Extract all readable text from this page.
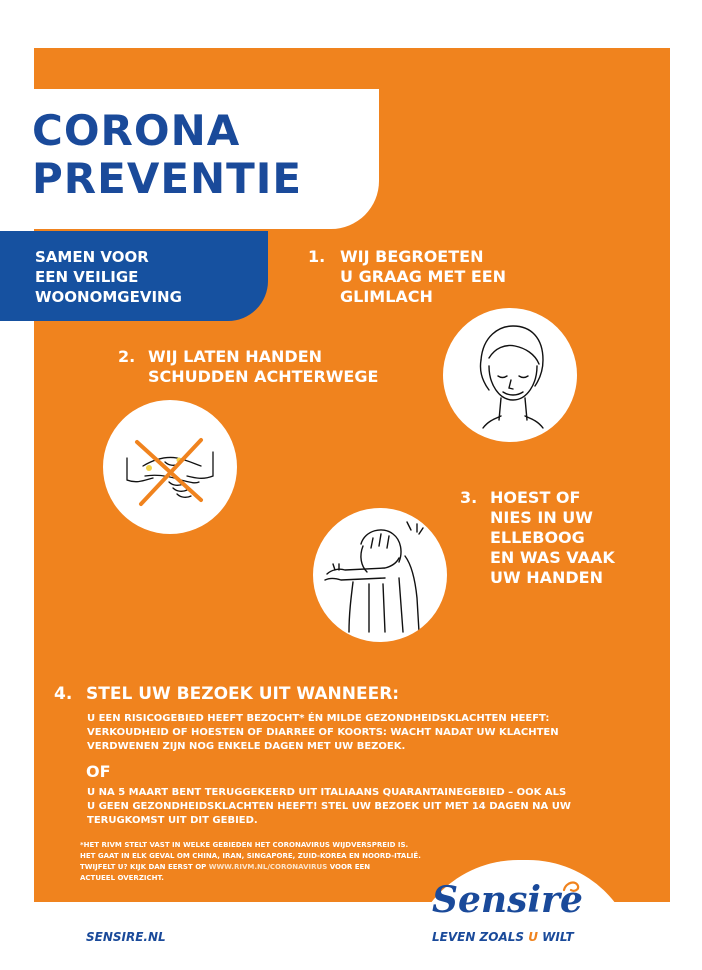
CORONA
PREVENTIE
SAMEN VOOR
EEN VEILIGE
WOONOMGEVING
1. WIJ BEGROETEN
U GRAAG MET EEN
GLIMLACH
2. WIJ LATEN HANDEN
SCHUDDEN ACHTERWEGE
3. HOEST OF
NIES IN UW
ELLEBOOG
EN WAS VAAK
UW HANDEN
4. STEL UW BEZOEK UIT WANNEER:

U EEN RISICOGEBIED HEEFT BEZOCHT* ÉN MILDE GEZONDHEIDSKLACHTEN HEEFT:
VERKOUDHEID OF HOESTEN OF DIARREE OF KOORTS: WACHT NADAT UW KLACHTEN
VERDWENEN ZIJN NOG ENKELE DAGEN MET UW BEZOEK.

OF

U NA 5 MAART BENT TERUGGEKEERD UIT ITALIAANS QUARANTAINEGEBIED – OOK ALS
U GEEN GEZONDHEIDSKLACHTEN HEEFT! STEL UW BEZOEK UIT MET 14 DAGEN NA UW
TERUGKOMST UIT DIT GEBIED.

*HET RIVM STELT VAST IN WELKE GEBIEDEN HET CORONAVIRUS WIJDVERSPREID IS.
HET GAAT IN ELK GEVAL OM CHINA, IRAN, SINGAPORE, ZUID-KOREA EN NOORD-ITALIË.
TWIJFELT U? KIJK DAN EERST OP WWW.RIVM.NL/CORONAVIRUS VOOR EEN
ACTUEEL OVERZICHT.
Sensire
LEVEN ZOALS U WILT
SENSIRE.NL
